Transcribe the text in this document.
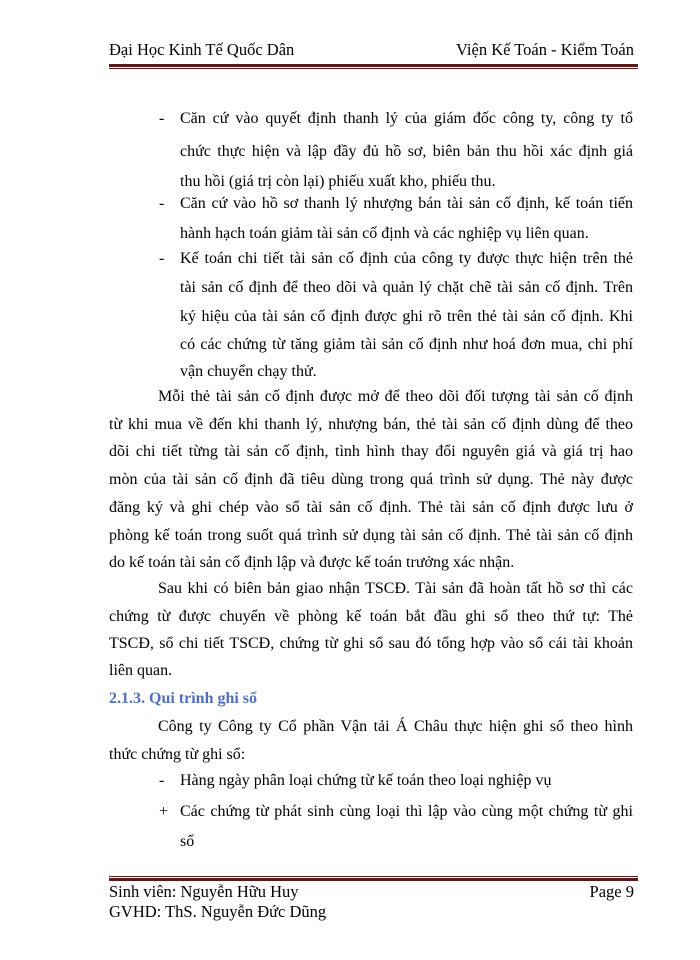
Đại Học Kinh Tế Quốc Dân	Viện Kế Toán - Kiểm Toán
- Căn cứ vào quyết định thanh lý của giám đốc công ty, công ty tổ
chức thực hiện và lập đầy đủ hồ sơ, biên bản thu hồi xác định giá
thu hồi (giá trị còn lại) phiếu xuất kho, phiếu thu.
- Căn cứ vào hồ sơ thanh lý nhượng bán tài sản cố định, kế toán tiến
hành hạch toán giảm tài sản cố định và các nghiệp vụ liên quan.
- Kế toán chi tiết tài sản cố định của công ty được thực hiện trên thẻ
tài sản cố định để theo dõi và quản lý chặt chẽ tài sản cố định. Trên
ký hiệu của tài sản cố định được ghi rõ trên thẻ tài sản cố định. Khi
có các chứng từ tăng giảm tài sản cố định như hoá đơn mua, chi phí
vận chuyển chạy thử.
Mỗi thẻ tài sản cố định được mở để theo dõi đối tượng tài sản cố định
từ khi mua về đến khi thanh lý, nhượng bán, thẻ tài sản cố định dùng để theo
dõi chi tiết từng tài sản cố định, tình hình thay đổi nguyên giá và giá trị hao
mòn của tài sản cố định đã tiêu dùng trong quá trình sử dụng. Thẻ này được
đăng ký và ghi chép vào sổ tài sản cố định. Thẻ tài sản cố định được lưu ở
phòng kế toán trong suốt quá trình sử dụng tài sản cố định. Thẻ tài sản cố định
do kế toán tài sản cố định lập và được kế toán trưởng xác nhận.
Sau khi có biên bản giao nhận TSCĐ. Tài sản đã hoàn tất hồ sơ thì các
chứng từ được chuyển về phòng kế toán bắt đầu ghi sổ theo thứ tự: Thẻ
TSCĐ, sổ chi tiết TSCĐ, chứng từ ghi sổ sau đó tổng hợp vào sổ cái tài khoản
liên quan.
2.1.3. Qui trình ghi sổ
Công ty Công ty Cổ phần Vận tải Á Châu thực hiện ghi sổ theo hình
thức chứng từ ghi sổ:
- Hàng ngày phân loại chứng từ kế toán theo loại nghiệp vụ
+ Các chứng từ phát sinh cùng loại thì lập vào cùng một chứng từ ghi
sổ
Sinh viên: Nguyễn Hữu Huy	Page 9
GVHD: ThS. Nguyễn Đức Dũng
